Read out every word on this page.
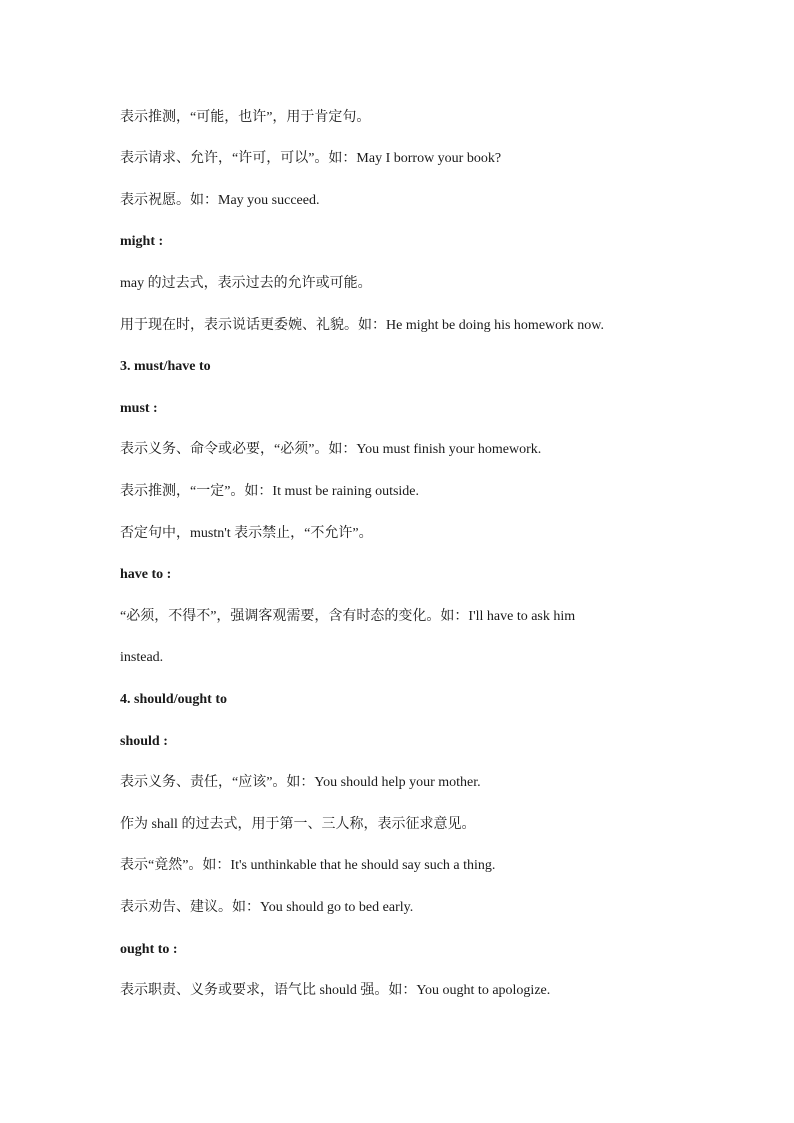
表示推测，“可能，也许”，用于肯定句。
表示请求、允许，“许可，可以”。如：May I borrow your book?
表示祝愿。如：May you succeed.
might :
may 的过去式，表示过去的允许或可能。
用于现在时，表示说话更委婉、礼貌。如：He might be doing his homework now.
3. must/have to
must :
表示义务、命令或必要，“必须”。如：You must finish your homework.
表示推测，“一定”。如：It must be raining outside.
否定句中，mustn't 表示禁止，“不允许”。
have to :
“必须，不得不”，强调客观需要，含有时态的变化。如：I'll have to ask him
instead.
4. should/ought to
should :
表示义务、责任，“应该”。如：You should help your mother.
作为 shall 的过去式，用于第一、三人称，表示征求意见。
表示“竟然”。如：It's unthinkable that he should say such a thing.
表示劝告、建议。如：You should go to bed early.
ought to :
表示职责、义务或要求，语气比 should 强。如：You ought to apologize.
